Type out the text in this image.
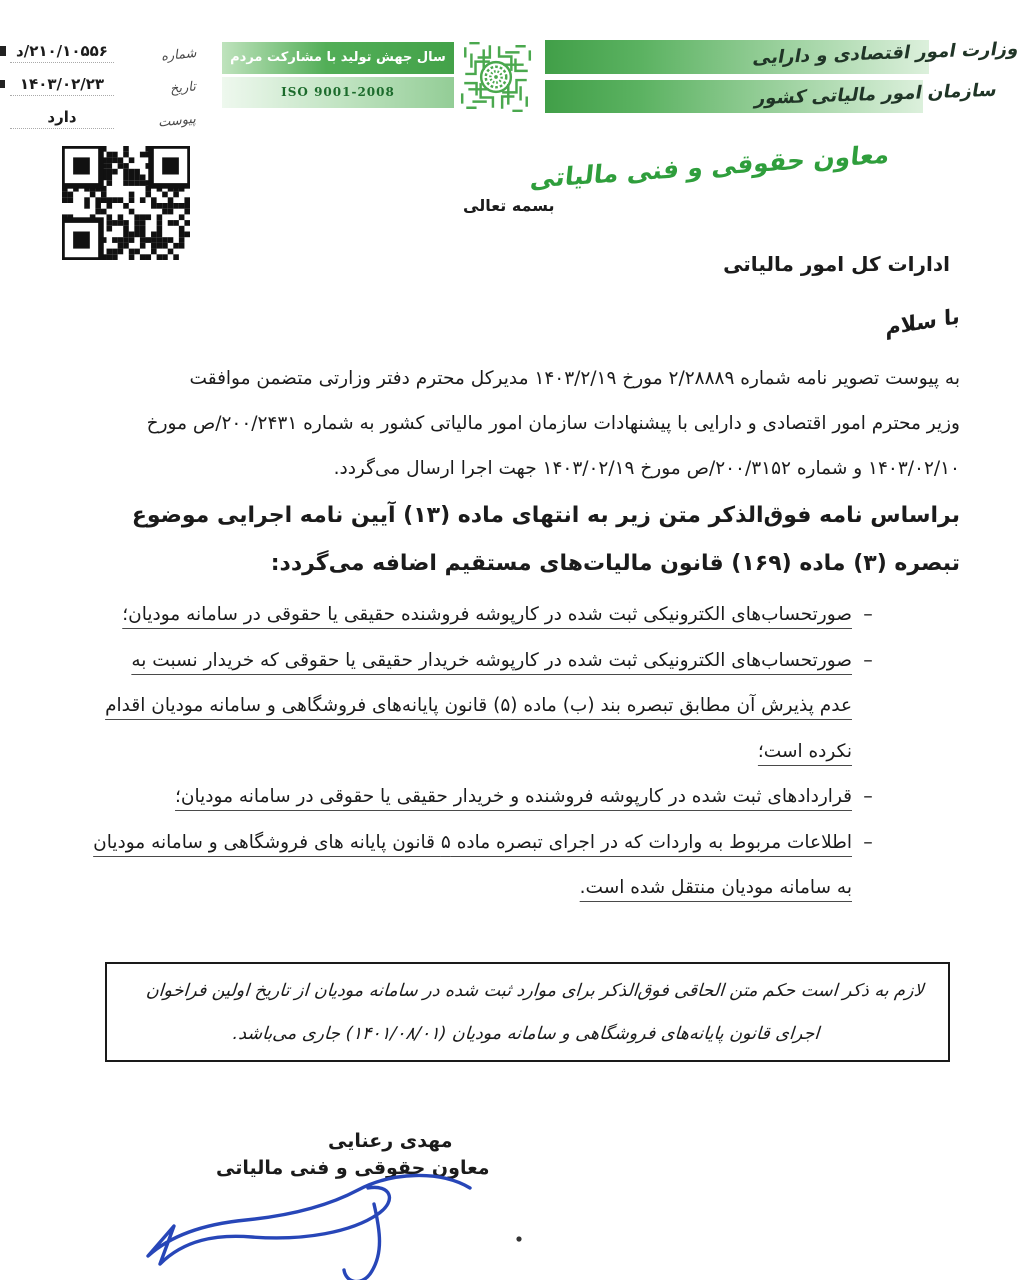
شماره
۲۱۰/۱۰۵۵۶/د
تاریخ
۱۴۰۳/۰۲/۲۳
پیوست
دارد
سال جهش تولید با مشارکت مردم
ISO 9001-2008
وزارت امور اقتصادی و دارایی
سازمان امور مالیاتی کشور
بسمه تعالی
معاون حقوقی و فنی مالیاتی
ادارات کل امور مالیاتی
با سلام
به پیوست تصویر نامه شماره ۲/۲۸۸۸۹ مورخ ۱۴۰۳/۲/۱۹ مدیرکل محترم دفتر وزارتی متضمن موافقت
وزیر محترم امور اقتصادی و دارایی با پیشنهادات سازمان امور مالیاتی کشور به شماره ۲۰۰/۲۴۳۱/ص مورخ
۱۴۰۳/۰۲/۱۰ و شماره ۲۰۰/۳۱۵۲/ص مورخ ۱۴۰۳/۰۲/۱۹ جهت اجرا ارسال می‌گردد.
براساس نامه فوق‌الذکر متن زیر به انتهای ماده (۱۳) آیین نامه اجرایی موضوع
تبصره (۳) ماده (۱۶۹) قانون مالیات‌های مستقیم اضافه می‌گردد:
–
صورتحساب‌های الکترونیکی ثبت شده در کارپوشه فروشنده حقیقی یا حقوقی در سامانه مودیان؛
–
صورتحساب‌های الکترونیکی ثبت شده در کارپوشه خریدار حقیقی یا حقوقی که خریدار نسبت به
عدم پذیرش آن مطابق تبصره بند (ب) ماده (۵) قانون پایانه‌های فروشگاهی و سامانه مودیان اقدام
نکرده است؛
–
قراردادهای ثبت شده در کارپوشه فروشنده و خریدار حقیقی یا حقوقی در سامانه مودیان؛
–
اطلاعات مربوط به واردات که در اجرای تبصره ماده ۵ قانون پایانه های فروشگاهی و سامانه مودیان
به سامانه مودیان منتقل شده است.
لازم به ذکر است حکم متن الحاقی فوق‌الذکر برای موارد ثبت شده در سامانه مودیان از تاریخ اولین فراخوان
اجرای قانون پایانه‌های فروشگاهی و سامانه مودیان (۱۴۰۱/۰۸/۰۱) جاری می‌باشد.
مهدی رعنایی
معاون حقوقی و فنی مالیاتی
